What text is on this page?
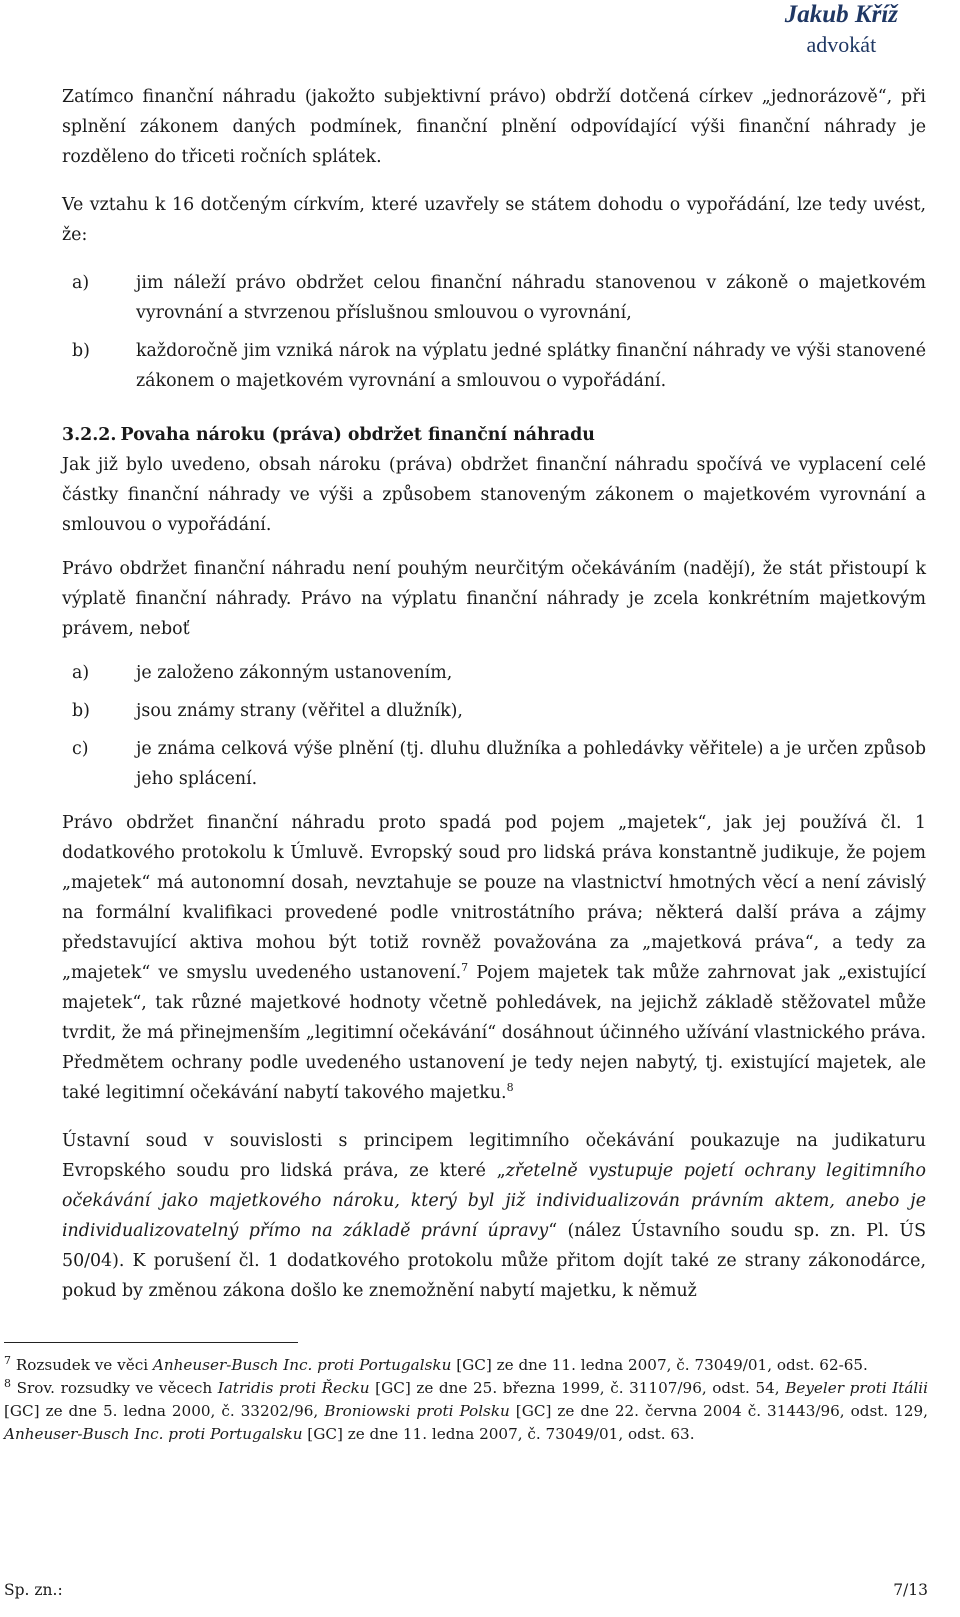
Jakub Kříž
advokát

Zatímco finanční náhradu (jakožto subjektivní právo) obdrží dotčená církev „jednorázově“, při splnění zákonem daných podmínek, finanční plnění odpovídající výši finanční náhrady je rozděleno do třiceti ročních splátek.

Ve vztahu k 16 dotčeným církvím, které uzavřely se státem dohodu o vypořádání, lze tedy uvést, že:

a)	jim náleží právo obdržet celou finanční náhradu stanovenou v zákoně o majetkovém vyrovnání a stvrzenou příslušnou smlouvou o vyrovnání,
b)	každoročně jim vzniká nárok na výplatu jedné splátky finanční náhrady ve výši stanovené zákonem o majetkovém vyrovnání a smlouvou o vypořádání.

3.2.2. Povaha nároku (práva) obdržet finanční náhradu

Jak již bylo uvedeno, obsah nároku (práva) obdržet finanční náhradu spočívá ve vyplacení celé částky finanční náhrady ve výši a způsobem stanoveným zákonem o majetkovém vyrovnání a smlouvou o vypořádání.

Právo obdržet finanční náhradu není pouhým neurčitým očekáváním (nadějí), že stát přistoupí k výplatě finanční náhrady. Právo na výplatu finanční náhrady je zcela konkrétním majetkovým právem, neboť

a)	je založeno zákonným ustanovením,
b)	jsou známy strany (věřitel a dlužník),
c)	je známa celková výše plnění (tj. dluhu dlužníka a pohledávky věřitele) a je určen způsob jeho splácení.

Právo obdržet finanční náhradu proto spadá pod pojem „majetek“, jak jej používá čl. 1 dodatkového protokolu k Úmluvě. Evropský soud pro lidská práva konstantně judikuje, že pojem „majetek“ má autonomní dosah, nevztahuje se pouze na vlastnictví hmotných věcí a není závislý na formální kvalifikaci provedené podle vnitrostátního práva; některá další práva a zájmy představující aktiva mohou být totiž rovněž považována za „majetková práva“, a tedy za „majetek“ ve smyslu uvedeného ustanovení.$^7$ Pojem majetek tak může zahrnovat jak „existující majetek“, tak různé majetkové hodnoty včetně pohledávek, na jejichž základě stěžovatel může tvrdit, že má přinejmenším „legitimní očekávání“ dosáhnout účinného užívání vlastnického práva. Předmětem ochrany podle uvedeného ustanovení je tedy nejen nabytý, tj. existující majetek, ale také legitimní očekávání nabytí takového majetku.$^8$

Ústavní soud v souvislosti s principem legitimního očekávání poukazuje na judikaturu Evropského soudu pro lidská práva, ze které „zřetelně vystupuje pojetí ochrany legitimního očekávání jako majetkového nároku, který byl již individualizován právním aktem, anebo je individualizovatelný přímo na základě právní úpravy“ (nález Ústavního soudu sp. zn. Pl. ÚS 50/04). K porušení čl. 1 dodatkového protokolu může přitom dojít také ze strany zákonodárce, pokud by změnou zákona došlo ke znemožnění nabytí majetku, k němuž

$^7$ Rozsudek ve věci Anheuser-Busch Inc. proti Portugalsku [GC] ze dne 11. ledna 2007, č. 73049/01, odst. 62-65.

$^8$ Srov. rozsudky ve věcech Iatridis proti Řecku [GC] ze dne 25. března 1999, č. 31107/96, odst. 54, Beyeler proti Itálii [GC] ze dne 5. ledna 2000, č. 33202/96, Broniowski proti Polsku [GC] ze dne 22. června 2004 č. 31443/96, odst. 129, Anheuser-Busch Inc. proti Portugalsku [GC] ze dne 11. ledna 2007, č. 73049/01, odst. 63.

Sp. zn.:	7/13
